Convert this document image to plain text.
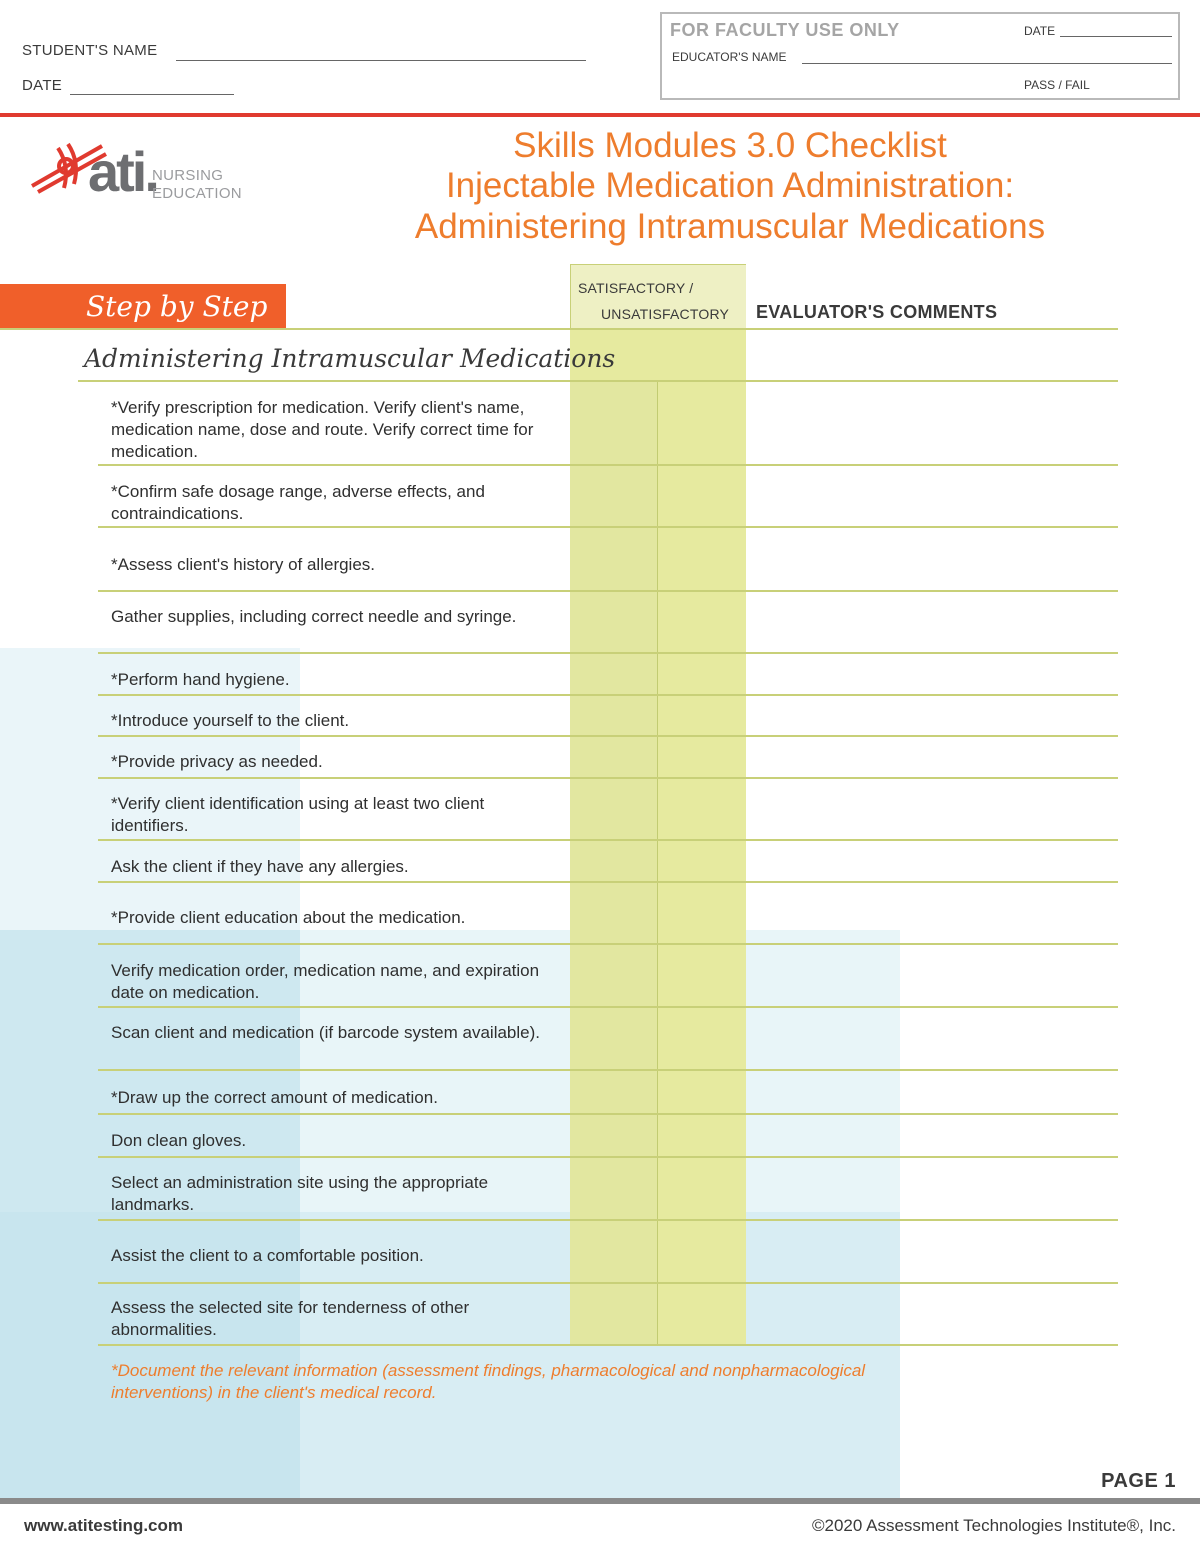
STUDENT'S NAME
DATE
FOR FACULTY USE ONLY	DATE
EDUCATOR'S NAME
PASS / FAIL
ati.
NURSING
EDUCATION
Skills Modules 3.0 Checklist
Injectable Medication Administration:
Administering Intramuscular Medications
Step by Step
SATISFACTORY /
UNSATISFACTORY EVALUATOR'S COMMENTS
Administering Intramuscular Medications
*Verify prescription for medication. Verify client's name, medication name, dose and route. Verify correct time for medication.
*Confirm safe dosage range, adverse effects, and contraindications.
*Assess client's history of allergies.
Gather supplies, including correct needle and syringe.
*Perform hand hygiene.
*Introduce yourself to the client.
*Provide privacy as needed.
*Verify client identification using at least two client identifiers.
Ask the client if they have any allergies.
*Provide client education about the medication.
Verify medication order, medication name, and expiration date on medication.
Scan client and medication (if barcode system available).
*Draw up the correct amount of medication.
Don clean gloves.
Select an administration site using the appropriate landmarks.
Assist the client to a comfortable position.
Assess the selected site for tenderness of other abnormalities.
*Document the relevant information (assessment findings, pharmacological and nonpharmacological interventions) in the client's medical record.
PAGE 1
www.atitesting.com	©2020 Assessment Technologies Institute®, Inc.
